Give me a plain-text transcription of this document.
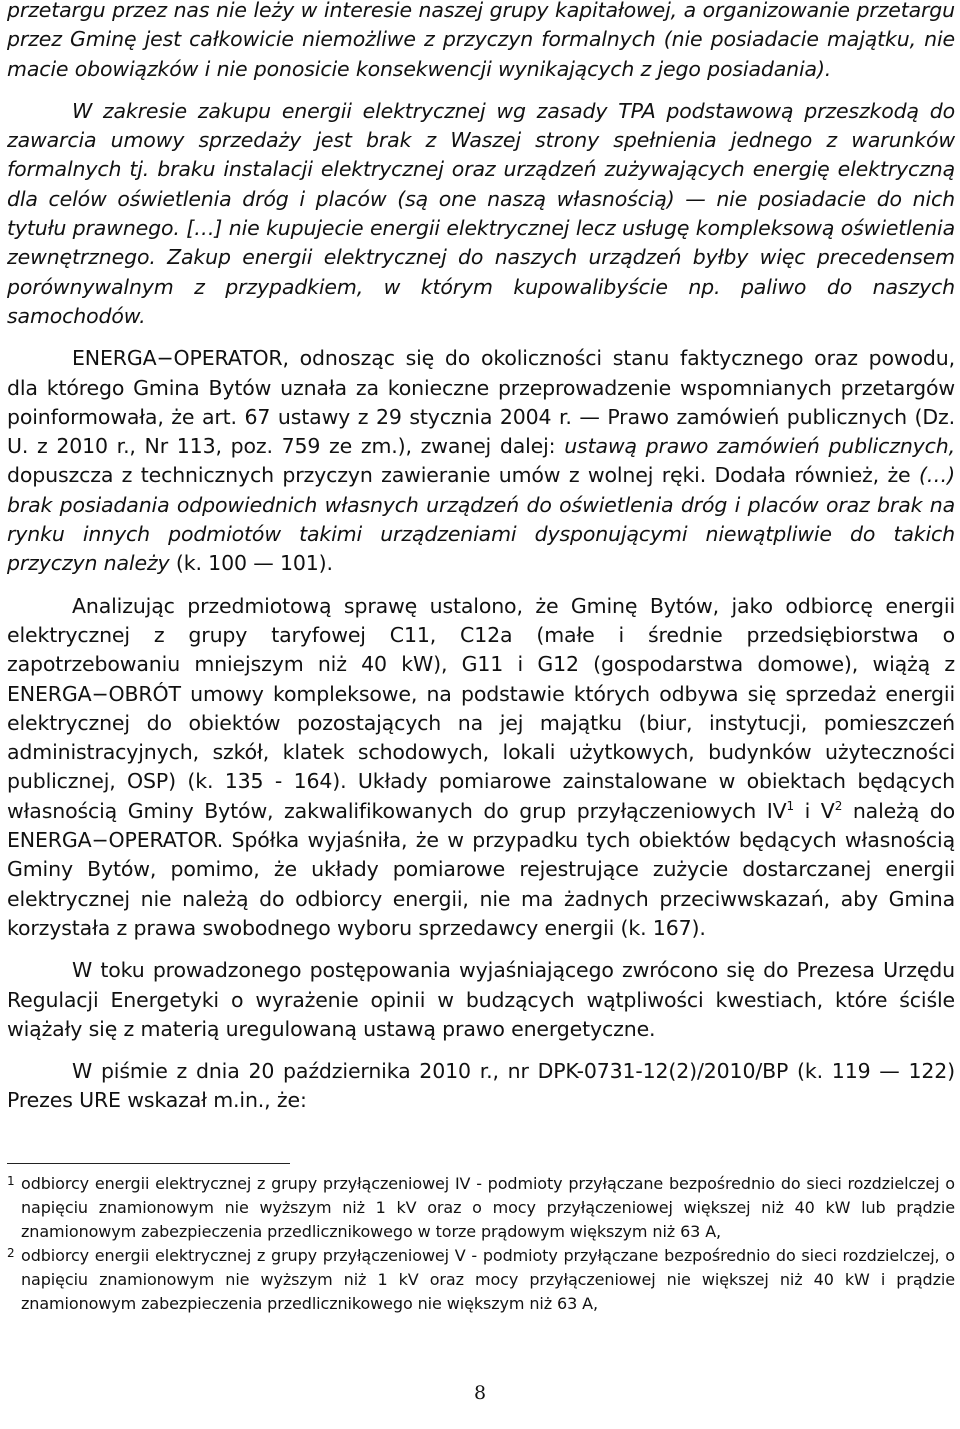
przetargu przez nas nie leży w interesie naszej grupy kapitałowej, a organizowanie przetargu przez Gminę jest całkowicie niemożliwe z przyczyn formalnych (nie posiadacie majątku, nie macie obowiązków i nie ponosicie konsekwencji wynikających z jego posiadania).

W zakresie zakupu energii elektrycznej wg zasady TPA podstawową przeszkodą do zawarcia umowy sprzedaży jest brak z Waszej strony spełnienia jednego z warunków formalnych tj. braku instalacji elektrycznej oraz urządzeń zużywających energię elektryczną dla celów oświetlenia dróg i placów (są one naszą własnością) — nie posiadacie do nich tytułu prawnego. […] nie kupujecie energii elektrycznej lecz usługę kompleksową oświetlenia zewnętrznego. Zakup energii elektrycznej do naszych urządzeń byłby więc precedensem porównywalnym z przypadkiem, w którym kupowalibyście np. paliwo do naszych samochodów.

ENERGA−OPERATOR, odnosząc się do okoliczności stanu faktycznego oraz powodu, dla którego Gmina Bytów uznała za konieczne przeprowadzenie wspomnianych przetargów poinformowała, że art. 67 ustawy z 29 stycznia 2004 r. — Prawo zamówień publicznych (Dz. U. z 2010 r., Nr 113, poz. 759 ze zm.), zwanej dalej: ustawą prawo zamówień publicznych, dopuszcza z technicznych przyczyn zawieranie umów z wolnej ręki. Dodała również, że (…) brak posiadania odpowiednich własnych urządzeń do oświetlenia dróg i placów oraz brak na rynku innych podmiotów takimi urządzeniami dysponującymi niewątpliwie do takich przyczyn należy (k. 100 — 101).

Analizując przedmiotową sprawę ustalono, że Gminę Bytów, jako odbiorcę energii elektrycznej z grupy taryfowej C11, C12a (małe i średnie przedsiębiorstwa o zapotrzebowaniu mniejszym niż 40 kW), G11 i G12 (gospodarstwa domowe), wiążą z ENERGA−OBRÓT umowy kompleksowe, na podstawie których odbywa się sprzedaż energii elektrycznej do obiektów pozostających na jej majątku (biur, instytucji, pomieszczeń administracyjnych, szkół, klatek schodowych, lokali użytkowych, budynków użyteczności publicznej, OSP) (k. 135 - 164). Układy pomiarowe zainstalowane w obiektach będących własnością Gminy Bytów, zakwalifikowanych do grup przyłączeniowych $IV^1$ i $V^2$ należą do ENERGA−OPERATOR. Spółka wyjaśniła, że w przypadku tych obiektów będących własnością Gminy Bytów, pomimo, że układy pomiarowe rejestrujące zużycie dostarczanej energii elektrycznej nie należą do odbiorcy energii, nie ma żadnych przeciwwskazań, aby Gmina korzystała z prawa swobodnego wyboru sprzedawcy energii (k. 167).

W toku prowadzonego postępowania wyjaśniającego zwrócono się do Prezesa Urzędu Regulacji Energetyki o wyrażenie opinii w budzących wątpliwości kwestiach, które ściśle wiążały się z materią uregulowaną ustawą prawo energetyczne.

W piśmie z dnia 20 października 2010 r., nr DPK-0731-12(2)/2010/BP (k. 119 — 122) Prezes URE wskazał m.in., że:

1 odbiorcy energii elektrycznej z grupy przyłączeniowej IV - podmioty przyłączane bezpośrednio do sieci rozdzielczej o napięciu znamionowym nie wyższym niż 1 kV oraz o mocy przyłączeniowej większej niż 40 kW lub prądzie znamionowym zabezpieczenia przedlicznikowego w torze prądowym większym niż 63 A,

2 odbiorcy energii elektrycznej z grupy przyłączeniowej V - podmioty przyłączane bezpośrednio do sieci rozdzielczej, o napięciu znamionowym nie wyższym niż 1 kV oraz mocy przyłączeniowej nie większej niż 40 kW i prądzie znamionowym zabezpieczenia przedlicznikowego nie większym niż 63 A,

8
